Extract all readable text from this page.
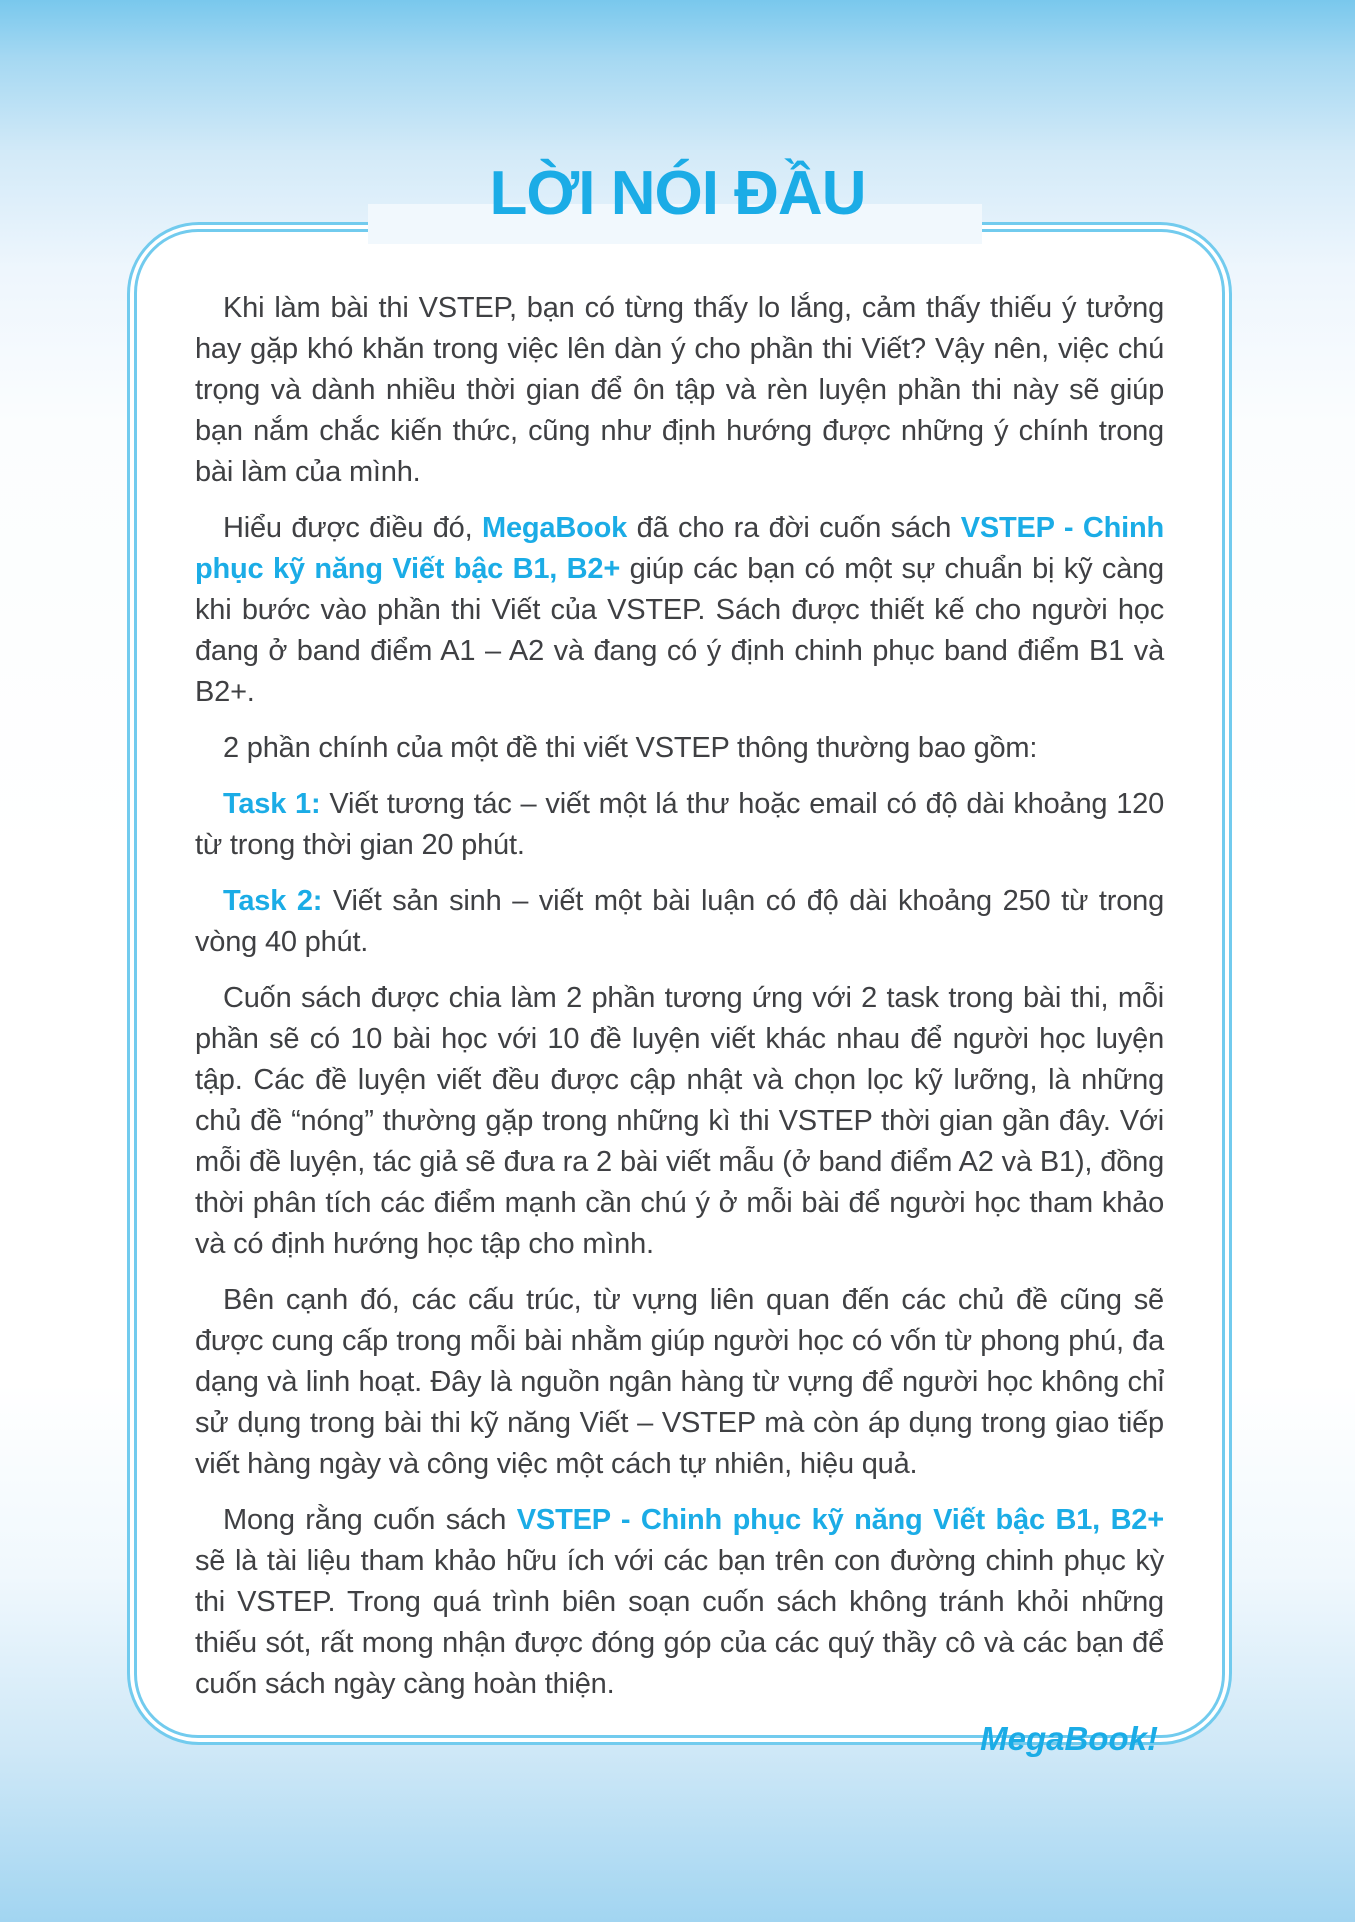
LỜI NÓI ĐẦU

Khi làm bài thi VSTEP, bạn có từng thấy lo lắng, cảm thấy thiếu ý tưởng hay gặp khó khăn trong việc lên dàn ý cho phần thi Viết? Vậy nên, việc chú trọng và dành nhiều thời gian để ôn tập và rèn luyện phần thi này sẽ giúp bạn nắm chắc kiến thức, cũng như định hướng được những ý chính trong bài làm của mình.

Hiểu được điều đó, MegaBook đã cho ra đời cuốn sách VSTEP - Chinh phục kỹ năng Viết bậc B1, B2+ giúp các bạn có một sự chuẩn bị kỹ càng khi bước vào phần thi Viết của VSTEP. Sách được thiết kế cho người học đang ở band điểm A1 – A2 và đang có ý định chinh phục band điểm B1 và B2+.

2 phần chính của một đề thi viết VSTEP thông thường bao gồm:

Task 1: Viết tương tác – viết một lá thư hoặc email có độ dài khoảng 120 từ trong thời gian 20 phút.

Task 2: Viết sản sinh – viết một bài luận có độ dài khoảng 250 từ trong vòng 40 phút.

Cuốn sách được chia làm 2 phần tương ứng với 2 task trong bài thi, mỗi phần sẽ có 10 bài học với 10 đề luyện viết khác nhau để người học luyện tập. Các đề luyện viết đều được cập nhật và chọn lọc kỹ lưỡng, là những chủ đề “nóng” thường gặp trong những kì thi VSTEP thời gian gần đây. Với mỗi đề luyện, tác giả sẽ đưa ra 2 bài viết mẫu (ở band điểm A2 và B1), đồng thời phân tích các điểm mạnh cần chú ý ở mỗi bài để người học tham khảo và có định hướng học tập cho mình.

Bên cạnh đó, các cấu trúc, từ vựng liên quan đến các chủ đề cũng sẽ được cung cấp trong mỗi bài nhằm giúp người học có vốn từ phong phú, đa dạng và linh hoạt. Đây là nguồn ngân hàng từ vựng để người học không chỉ sử dụng trong bài thi kỹ năng Viết – VSTEP mà còn áp dụng trong giao tiếp viết hàng ngày và công việc một cách tự nhiên, hiệu quả.

Mong rằng cuốn sách VSTEP - Chinh phục kỹ năng Viết bậc B1, B2+ sẽ là tài liệu tham khảo hữu ích với các bạn trên con đường chinh phục kỳ thi VSTEP. Trong quá trình biên soạn cuốn sách không tránh khỏi những thiếu sót, rất mong nhận được đóng góp của các quý thầy cô và các bạn để cuốn sách ngày càng hoàn thiện.

MegaBook!
